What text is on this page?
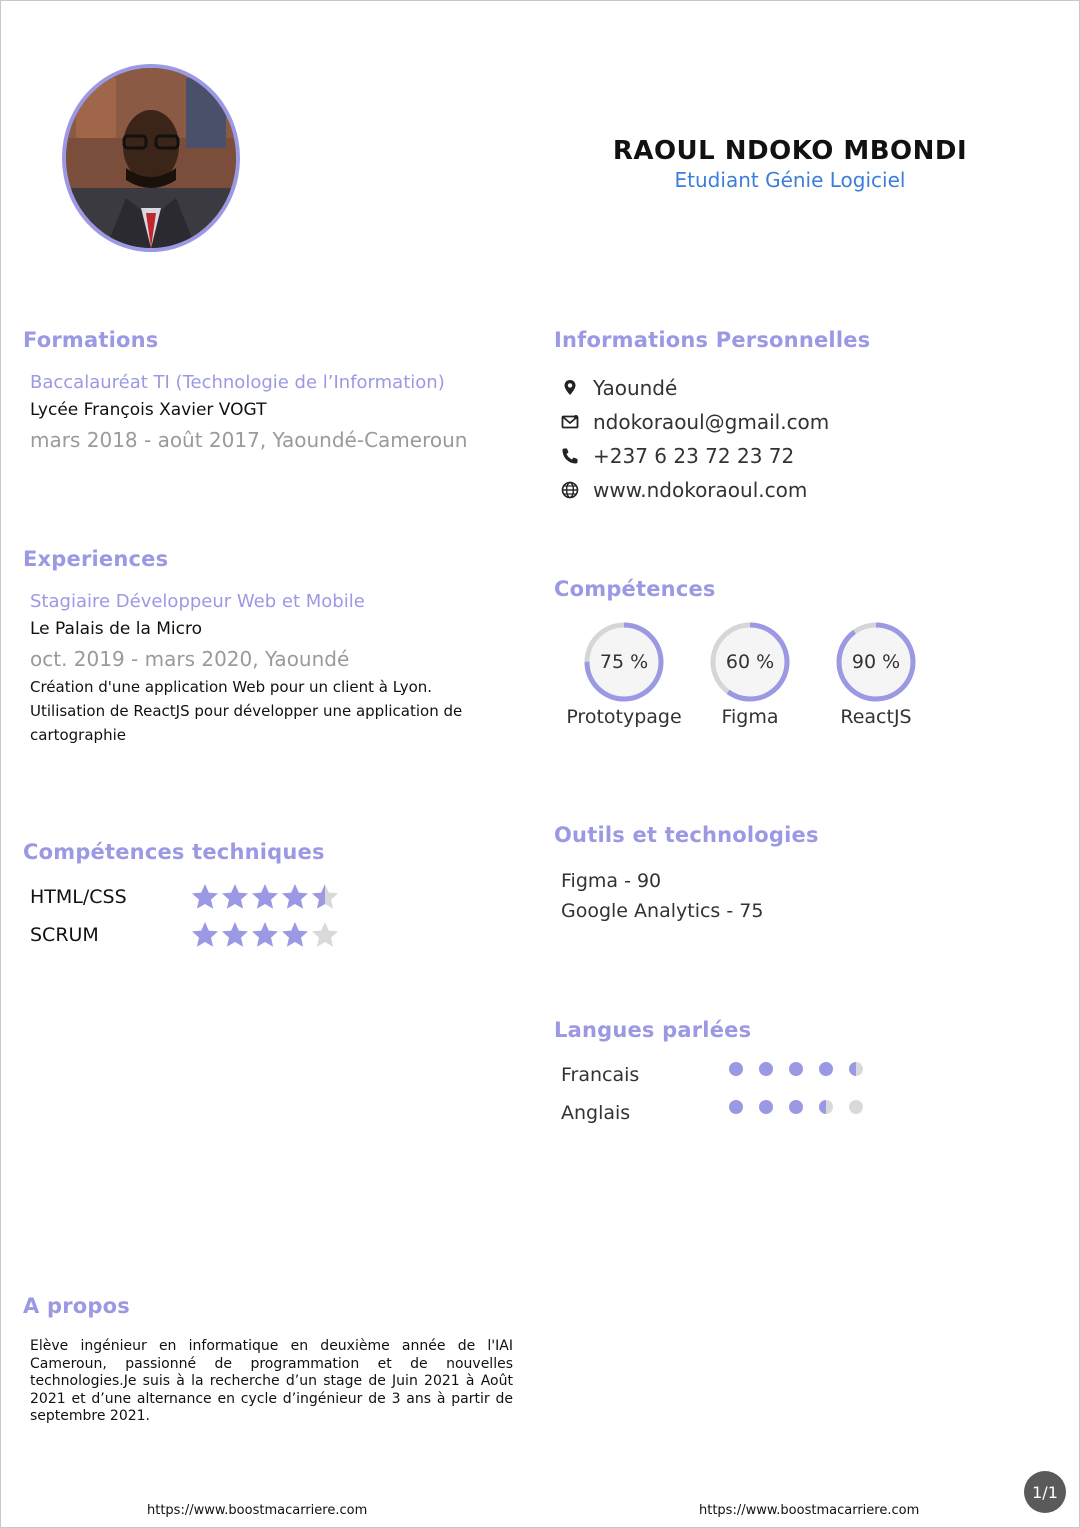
RAOUL NDOKO MBONDI
Etudiant Génie Logiciel
Formations
Baccalauréat TI (Technologie de l’Information)
Lycée François Xavier VOGT
mars 2018 - août 2017, Yaoundé-Cameroun
Experiences
Stagiaire Développeur Web et Mobile
Le Palais de la Micro
oct. 2019 - mars 2020, Yaoundé
Création d'une application Web pour un client à Lyon.
Utilisation de ReactJS pour développer une application de
cartographie
Compétences techniques
HTML/CSS
SCRUM
A propos
Elève ingénieur en informatique en deuxième année de l'IAI Cameroun, passionné de programmation et de nouvelles technologies.Je suis à la recherche d’un stage de Juin 2021 à Août 2021 et d’une alternance en cycle d’ingénieur de 3 ans à partir de septembre 2021.
Informations Personnelles
Yaoundé
ndokoraoul@gmail.com
+237 6 23 72 23 72
www.ndokoraoul.com
Compétences
75 %
Prototypage
60 %
Figma
90 %
ReactJS
Outils et technologies
Figma - 90
Google Analytics - 75
Langues parlées
Francais
Anglais
https://www.boostmacarriere.com	https://www.boostmacarriere.com
1/1
